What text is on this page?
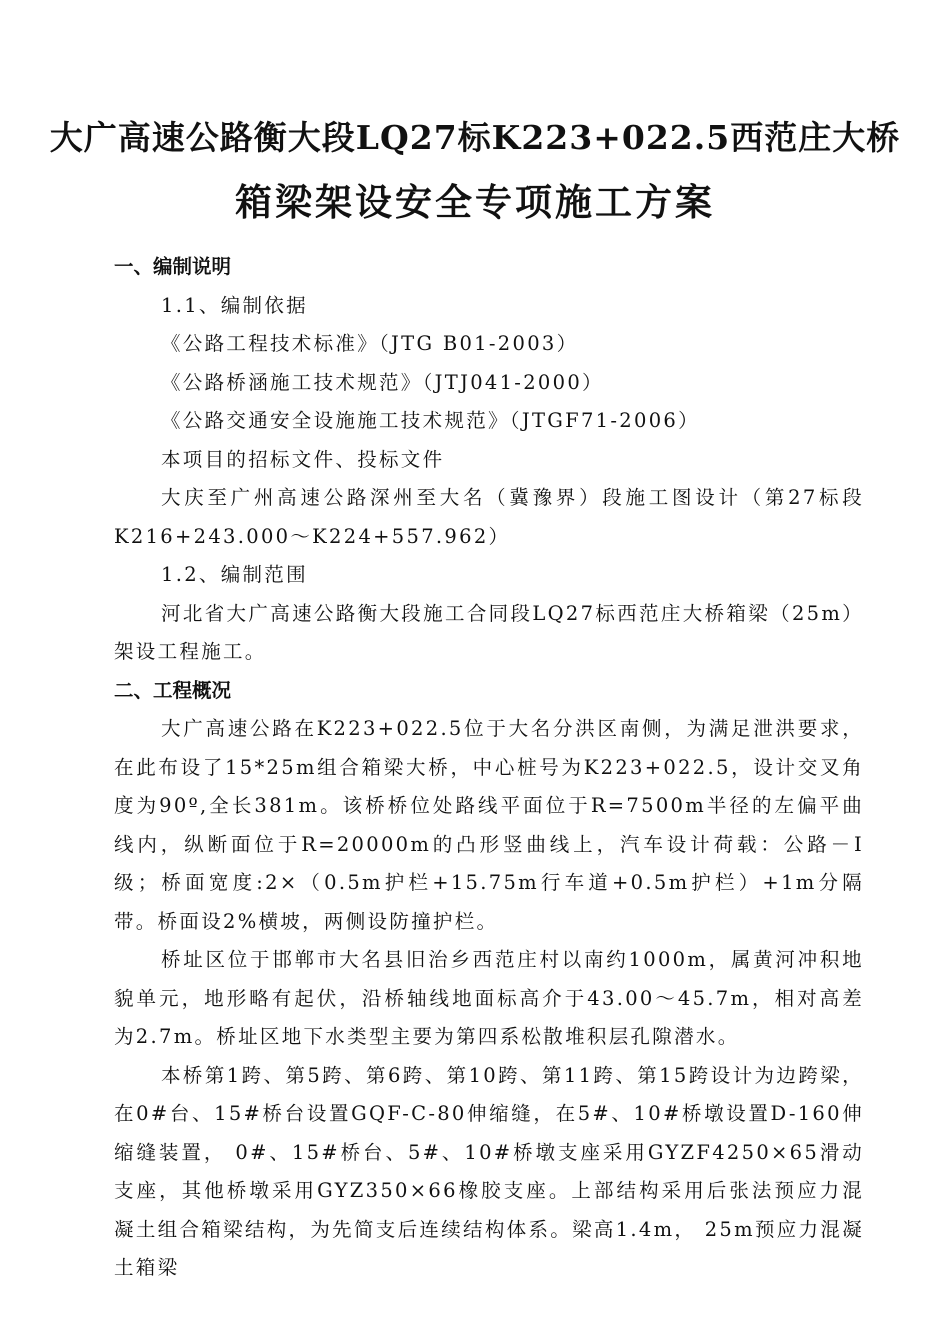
大广高速公路衡大段LQ27标K223+022.5西范庄大桥
箱梁架设安全专项施工方案

一、编制说明

1.1、编制依据

《公路工程技术标准》（JTG B01-2003）

《公路桥涵施工技术规范》（JTJ041-2000）

《公路交通安全设施施工技术规范》（JTGF71-2006）

本项目的招标文件、投标文件

大庆至广州高速公路深州至大名（冀豫界）段施工图设计（第27标段K216+243.000～K224+557.962）

1.2、编制范围

河北省大广高速公路衡大段施工合同段LQ27标西范庄大桥箱梁（25m）架设工程施工。

二、工程概况

大广高速公路在K223+022.5位于大名分洪区南侧，为满足泄洪要求，在此布设了15*25m组合箱梁大桥，中心桩号为K223+022.5，设计交叉角度为90º,全长381m。该桥桥位处路线平面位于R=7500m半径的左偏平曲线内，纵断面位于R=20000m的凸形竖曲线上，汽车设计荷载：公路－Ⅰ级；桥面宽度:2×（0.5m护栏+15.75m行车道+0.5m护栏）+1m分隔带。桥面设2%横坡，两侧设防撞护栏。

桥址区位于邯郸市大名县旧治乡西范庄村以南约1000m，属黄河冲积地貌单元，地形略有起伏，沿桥轴线地面标高介于43.00～45.7m，相对高差为2.7m。桥址区地下水类型主要为第四系松散堆积层孔隙潜水。

本桥第1跨、第5跨、第6跨、第10跨、第11跨、第15跨设计为边跨梁，在0#台、15#桥台设置GQF-C-80伸缩缝，在5#、10#桥墩设置D-160伸缩缝装置， 0#、15#桥台、5#、10#桥墩支座采用GYZF4250×65滑动支座，其他桥墩采用GYZ350×66橡胶支座。上部结构采用后张法预应力混凝土组合箱梁结构，为先简支后连续结构体系。梁高1.4m， 25m预应力混凝土箱梁
